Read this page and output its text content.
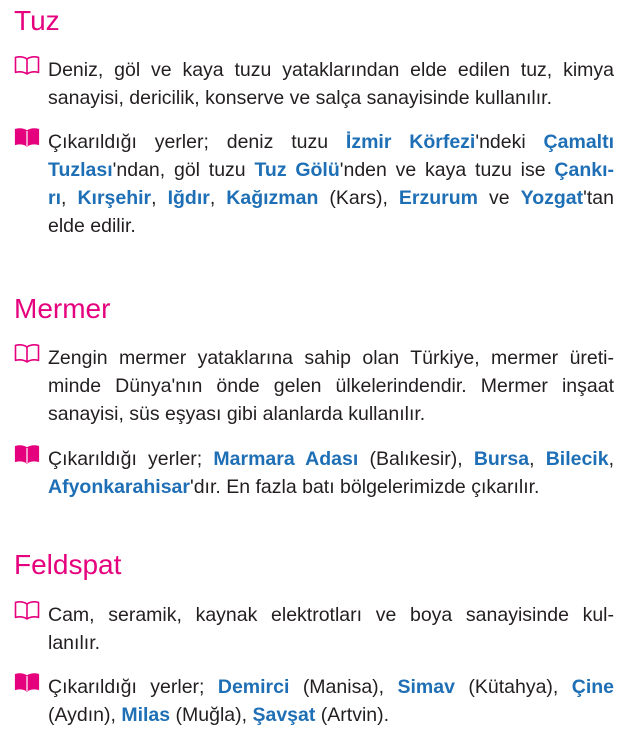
Tuz

Deniz, göl ve kaya tuzu yataklarından elde edilen tuz, kimya
sanayisi, dericilik, konserve ve salça sanayisinde kullanılır.

Çıkarıldığı yerler; deniz tuzu İzmir Körfezi'ndeki Çamaltı
Tuzlası'ndan, göl tuzu Tuz Gölü'nden ve kaya tuzu ise Çankı-
rı, Kırşehir, Iğdır, Kağızman (Kars), Erzurum ve Yozgat'tan
elde edilir.

Mermer

Zengin mermer yataklarına sahip olan Türkiye, mermer üreti-
minde Dünya'nın önde gelen ülkelerindendir. Mermer inşaat
sanayisi, süs eşyası gibi alanlarda kullanılır.

Çıkarıldığı yerler; Marmara Adası (Balıkesir), Bursa, Bilecik,
Afyonkarahisar'dır. En fazla batı bölgelerimizde çıkarılır.

Feldspat

Cam, seramik, kaynak elektrotları ve boya sanayisinde kul-
lanılır.

Çıkarıldığı yerler; Demirci (Manisa), Simav (Kütahya), Çine
(Aydın), Milas (Muğla), Şavşat (Artvin).
